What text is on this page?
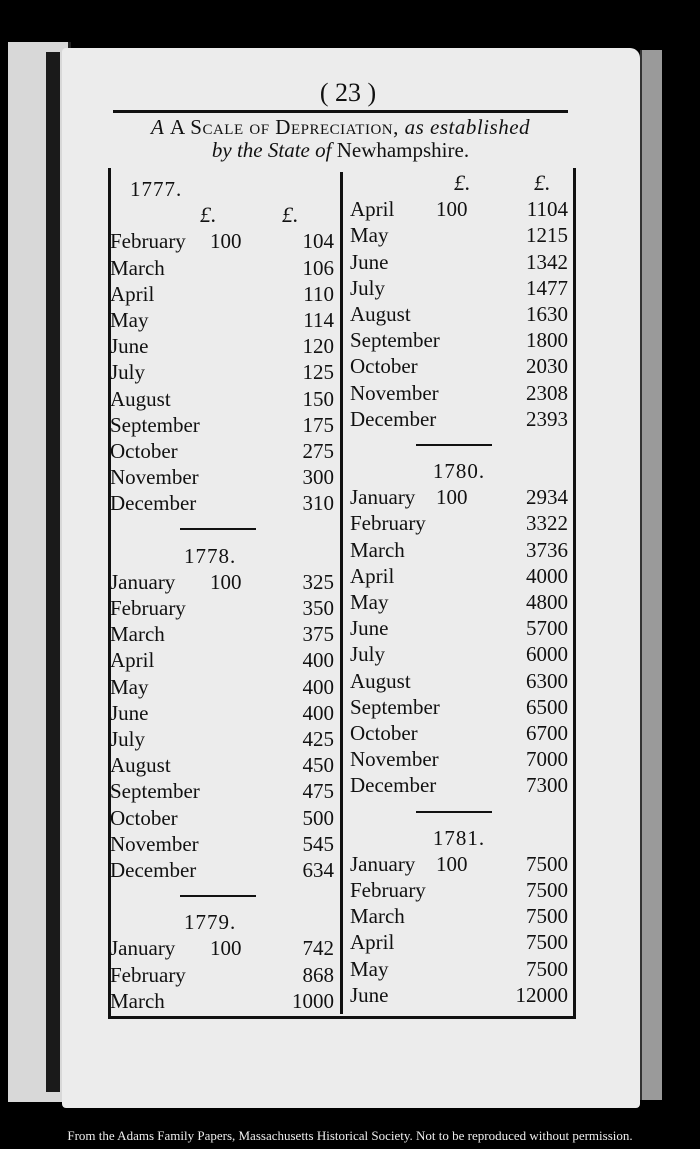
( 23 )
A A Scale of Depreciation, as established
by the State of Newhampshire.
1777.
£.	£.
February 100	104
March	106
April	110
May	114
June	120
July	125
August	150
September	175
October	275
November	300
December	310
1778.
January 100	325
February	350
March	375
April	400
May	400
June	400
July	425
August	450
September	475
October	500
November	545
December	634
1779.
January 100	742
February	868
March	1000
£.	£.
April 100	1104
May	1215
June	1342
July	1477
August	1630
September	1800
October	2030
November	2308
December	2393
1780.
January 100	2934
February	3322
March	3736
April	4000
May	4800
June	5700
July	6000
August	6300
September	6500
October	6700
November	7000
December	7300
1781.
January 100	7500
February	7500
March	7500
April	7500
May	7500
June	12000
From the Adams Family Papers, Massachusetts Historical Society. Not to be reproduced without permission.
